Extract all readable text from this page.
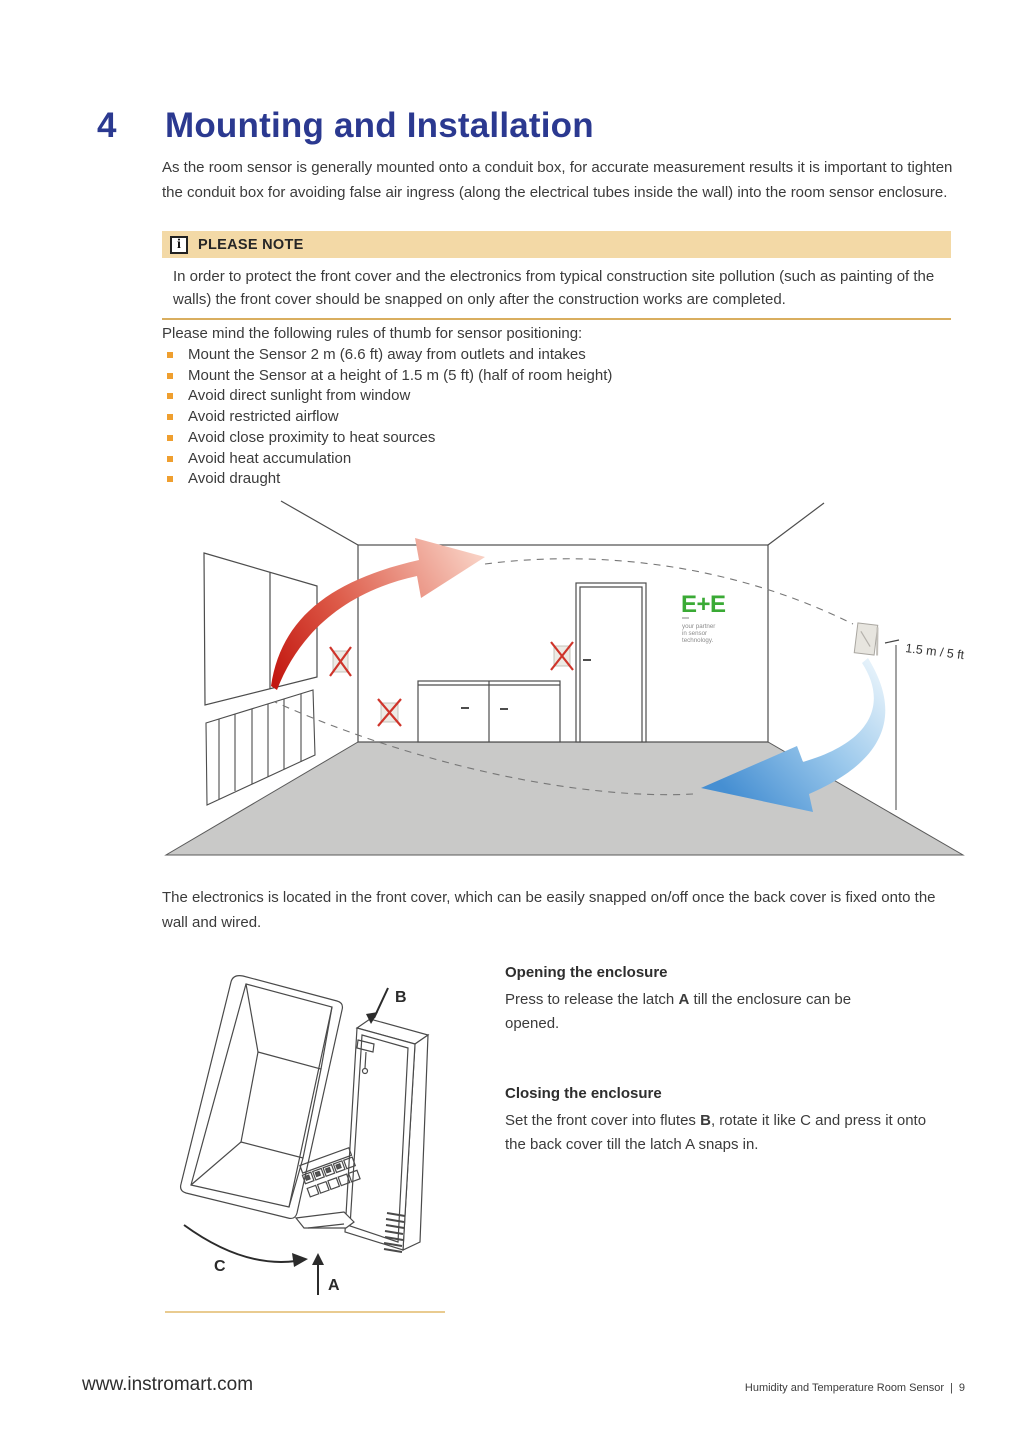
4 Mounting and Installation

As the room sensor is generally mounted onto a conduit box, for accurate measurement results it is important to tighten the conduit box for avoiding false air ingress (along the electrical tubes inside the wall) into the room sensor enclosure.

i	PLEASE NOTE
In order to protect the front cover and the electronics from typical construction site pollution (such as painting of the walls) the front cover should be snapped on only after the construction works are completed.

Please mind the following rules of thumb for sensor positioning:

Mount the Sensor 2 m (6.6 ft) away from outlets and intakes
Mount the Sensor at a height of 1.5 m (5 ft) (half of room height)
Avoid direct sunlight from window
Avoid restricted airflow
Avoid close proximity to heat sources
Avoid heat accumulation
Avoid draught
E+E
your partner
in sensor
technology.
1.5 m / 5 ft

The electronics is located in the front cover, which can be easily snapped on/off once the back cover is fixed onto the wall and wired.

B
C
A
Opening the enclosure

Press to release the latch A till the enclosure can be opened.

Closing the enclosure

Set the front cover into flutes B, rotate it like C and press it onto the back cover till the latch A snaps in.

www.instromart.com	Humidity and Temperature Room Sensor | 9
